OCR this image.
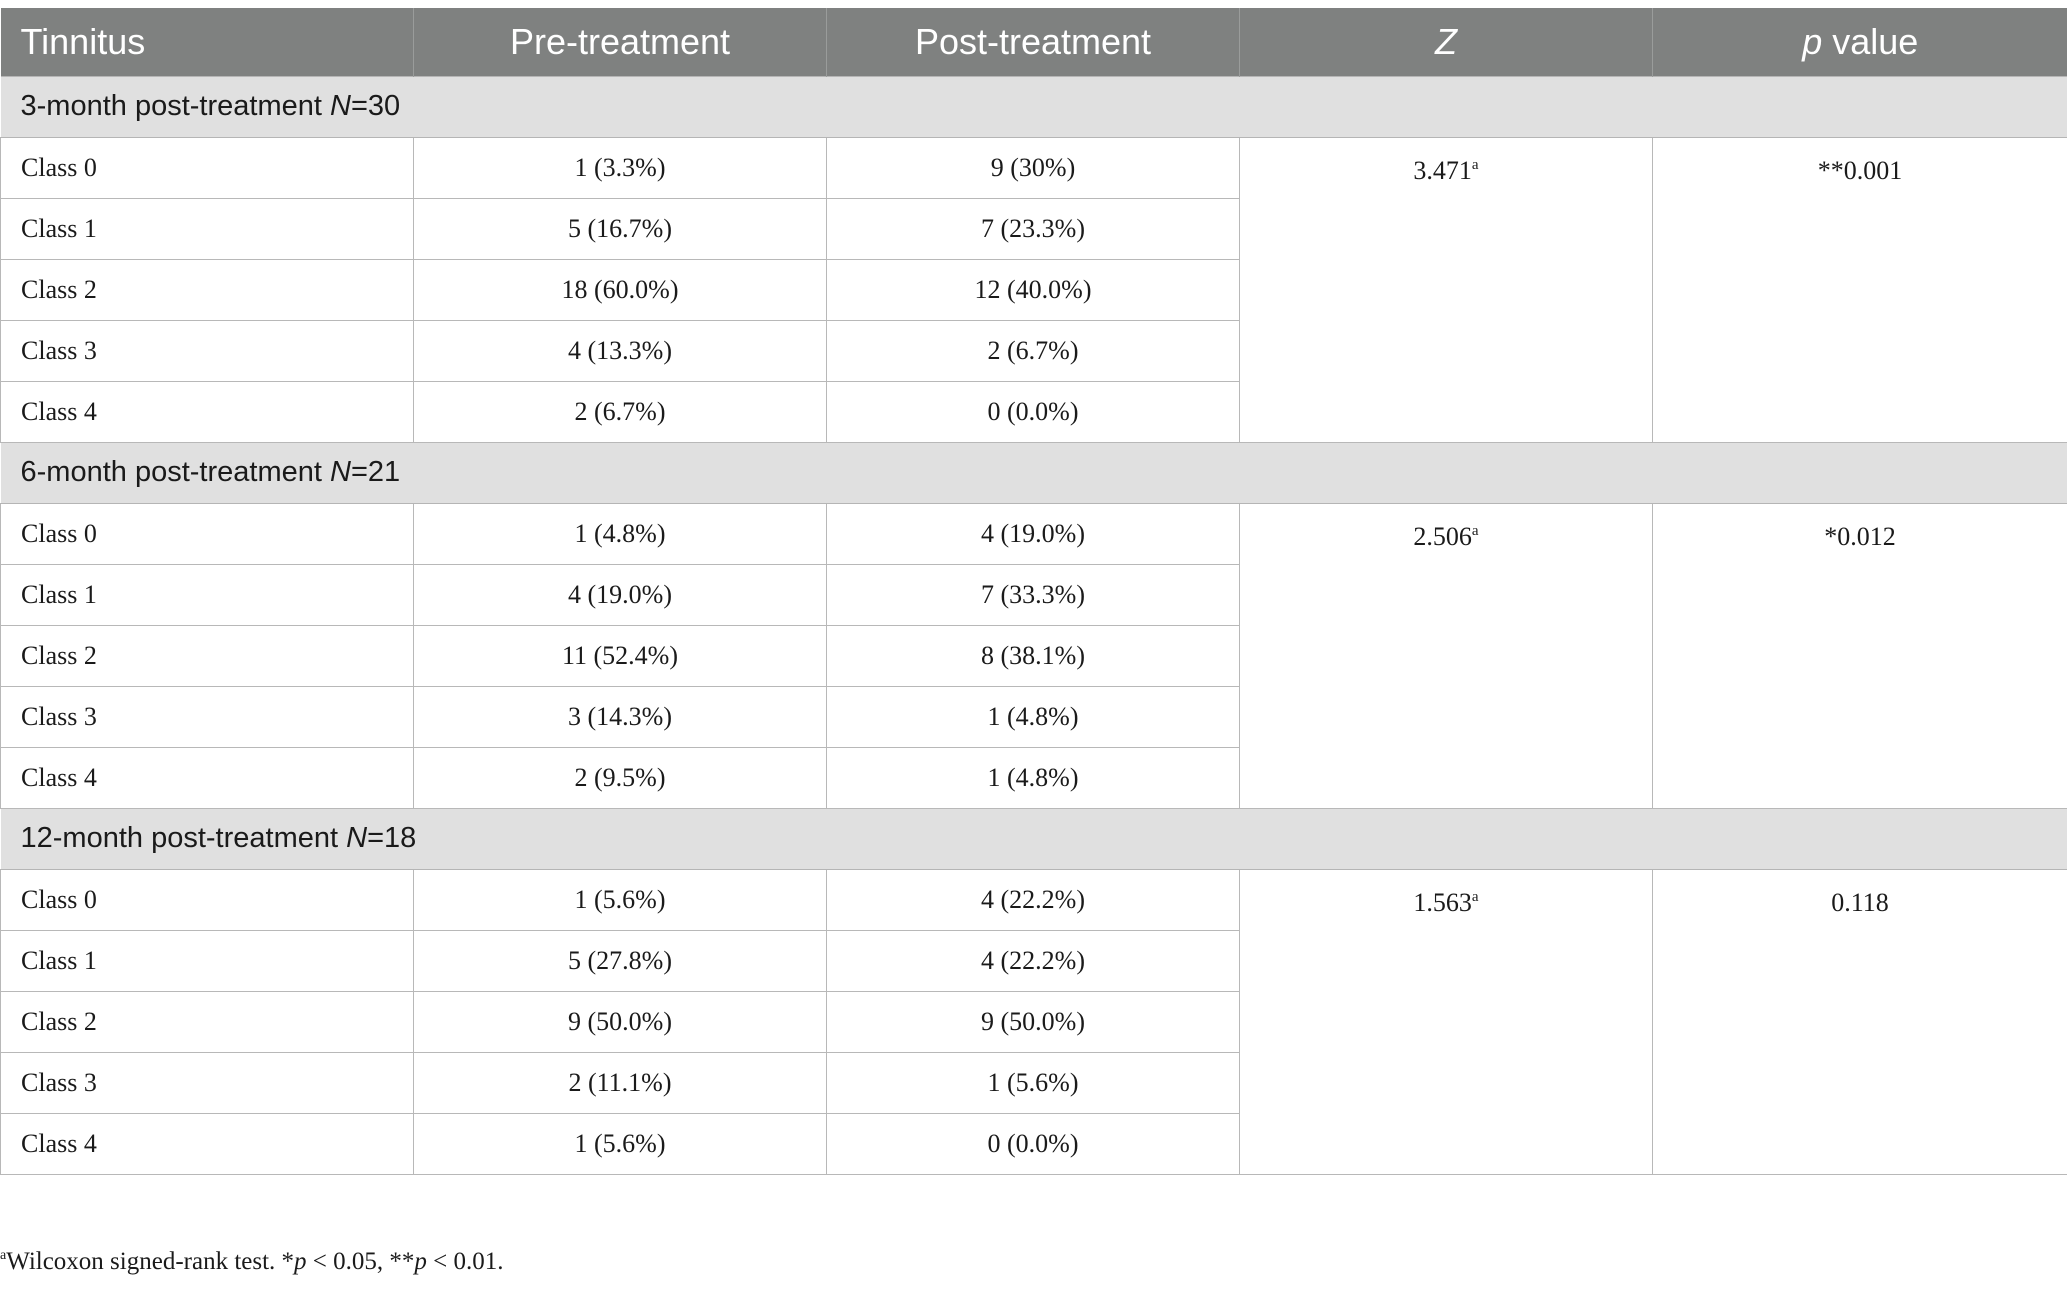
Tinnitus	Pre-treatment	Post-treatment	Z	p value
3-month post-treatment N=30				
Class 0	1 (3.3%)	9 (30%)	3.471$^a$	**0.001
Class 1	5 (16.7%)	7 (23.3%)		
Class 2	18 (60.0%)	12 (40.0%)		
Class 3	4 (13.3%)	2 (6.7%)		
Class 4	2 (6.7%)	0 (0.0%)		
6-month post-treatment N=21				
Class 0	1 (4.8%)	4 (19.0%)	2.506$^a$	*0.012
Class 1	4 (19.0%)	7 (33.3%)		
Class 2	11 (52.4%)	8 (38.1%)		
Class 3	3 (14.3%)	1 (4.8%)		
Class 4	2 (9.5%)	1 (4.8%)		
12-month post-treatment N=18				
Class 0	1 (5.6%)	4 (22.2%)	1.563$^a$	0.118
Class 1	5 (27.8%)	4 (22.2%)		
Class 2	9 (50.0%)	9 (50.0%)		
Class 3	2 (11.1%)	1 (5.6%)		
Class 4	1 (5.6%)	0 (0.0%)		
$^a$Wilcoxon signed-rank test. *p < 0.05, **p < 0.01.
